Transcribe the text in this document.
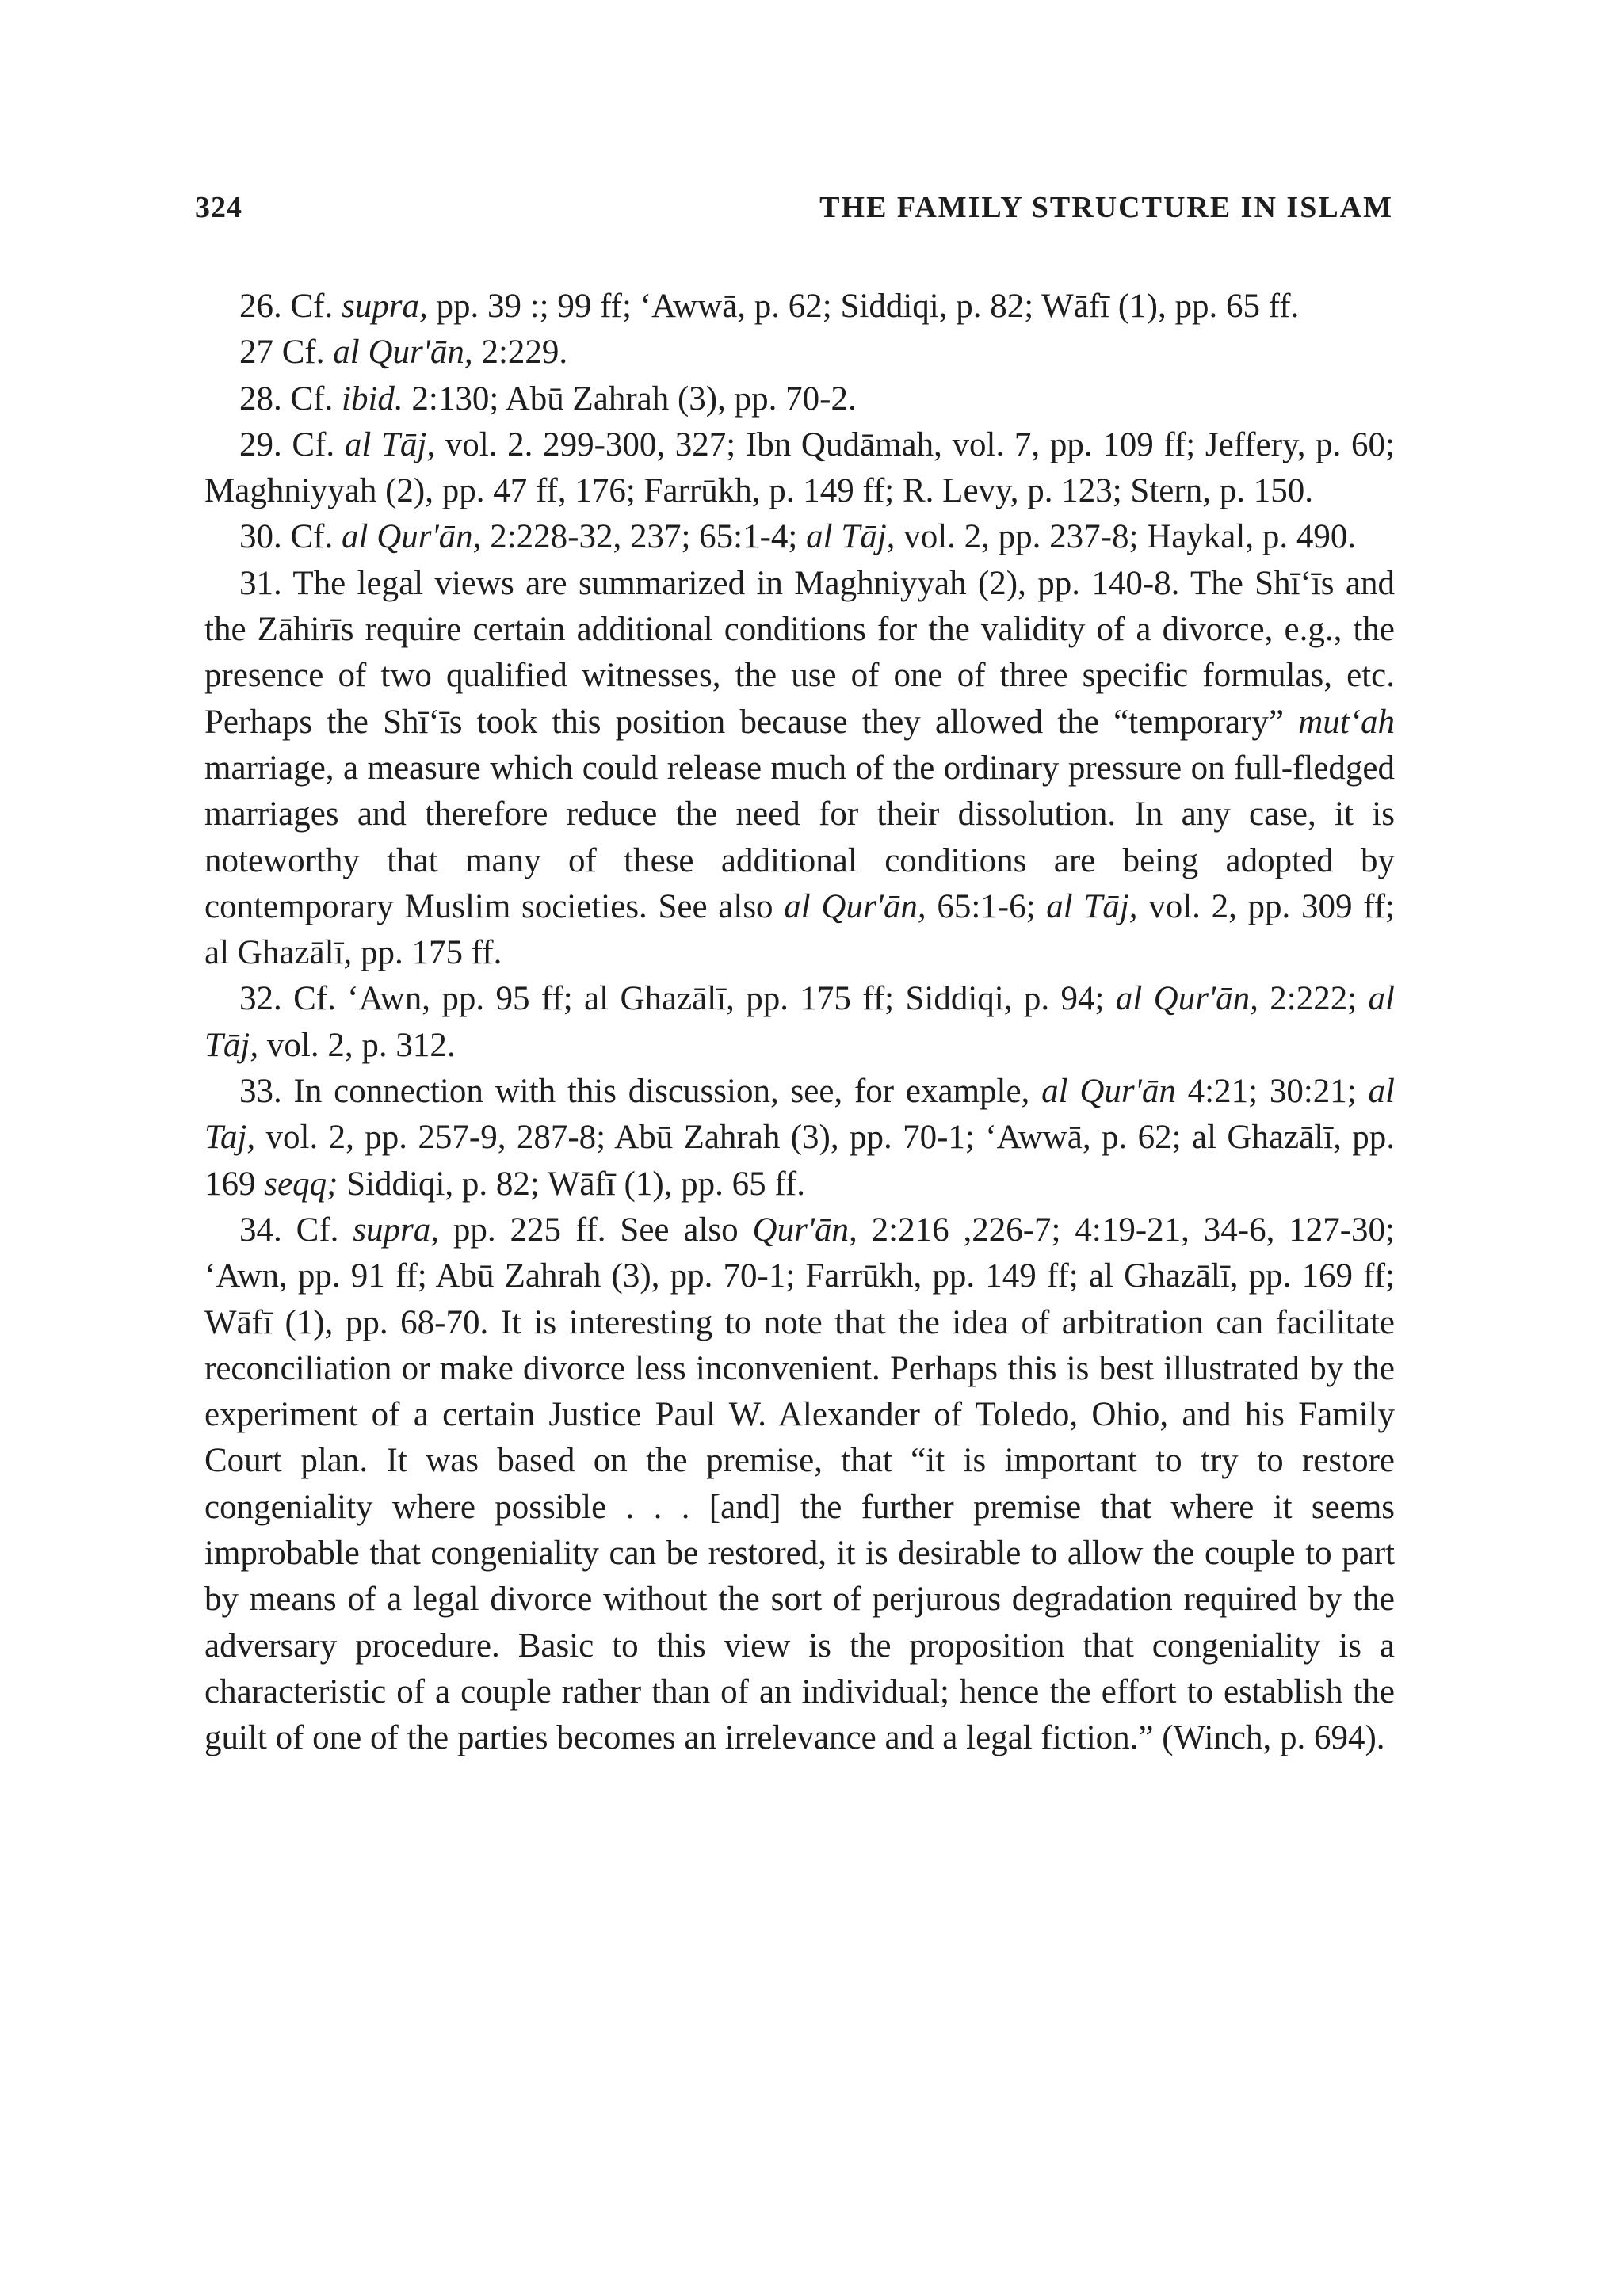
324	THE FAMILY STRUCTURE IN ISLAM

26. Cf. supra, pp. 39 :; 99 ff; ‘Awwā, p. 62; Siddiqi, p. 82; Wāfī (1), pp. 65 ff.

27 Cf. al Qur'ān, 2:229.

28. Cf. ibid. 2:130; Abū Zahrah (3), pp. 70-2.

29. Cf. al Tāj, vol. 2. 299-300, 327; Ibn Qudāmah, vol. 7, pp. 109 ff; Jeffery, p. 60; Maghniyyah (2), pp. 47 ff, 176; Farrūkh, p. 149 ff; R. Levy, p. 123; Stern, p. 150.

30. Cf. al Qur'ān, 2:228-32, 237; 65:1-4; al Tāj, vol. 2, pp. 237-8; Haykal, p. 490.

31. The legal views are summarized in Maghniyyah (2), pp. 140-8. The Shī‘īs and the Zāhirīs require certain additional conditions for the validity of a divorce, e.g., the presence of two qualified witnesses, the use of one of three specific formulas, etc. Perhaps the Shī‘īs took this position because they allowed the “temporary” mut‘ah marriage, a measure which could release much of the ordinary pressure on full-fledged marriages and therefore reduce the need for their dissolution. In any case, it is noteworthy that many of these additional conditions are being adopted by contemporary Muslim societies. See also al Qur'ān, 65:1-6; al Tāj, vol. 2, pp. 309 ff; al Ghazālī, pp. 175 ff.

32. Cf. ‘Awn, pp. 95 ff; al Ghazālī, pp. 175 ff; Siddiqi, p. 94; al Qur'ān, 2:222; al Tāj, vol. 2, p. 312.

33. In connection with this discussion, see, for example, al Qur'ān 4:21; 30:21; al Taj, vol. 2, pp. 257-9, 287-8; Abū Zahrah (3), pp. 70-1; ‘Awwā, p. 62; al Ghazālī, pp. 169 seqq; Siddiqi, p. 82; Wāfī (1), pp. 65 ff.

34. Cf. supra, pp. 225 ff. See also Qur'ān, 2:216 ,226-7; 4:19-21, 34-6, 127-30; ‘Awn, pp. 91 ff; Abū Zahrah (3), pp. 70-1; Farrūkh, pp. 149 ff; al Ghazālī, pp. 169 ff; Wāfī (1), pp. 68-70. It is interesting to note that the idea of arbitration can facilitate reconciliation or make divorce less inconvenient. Perhaps this is best illustrated by the experiment of a certain Justice Paul W. Alexander of Toledo, Ohio, and his Family Court plan. It was based on the premise, that “it is important to try to restore congeniality where possible . . . [and] the further premise that where it seems improbable that congeniality can be restored, it is desirable to allow the couple to part by means of a legal divorce without the sort of perjurous degradation required by the adversary procedure. Basic to this view is the proposition that congeniality is a characteristic of a couple rather than of an individual; hence the effort to establish the guilt of one of the parties becomes an irrelevance and a legal fiction.” (Winch, p. 694).
